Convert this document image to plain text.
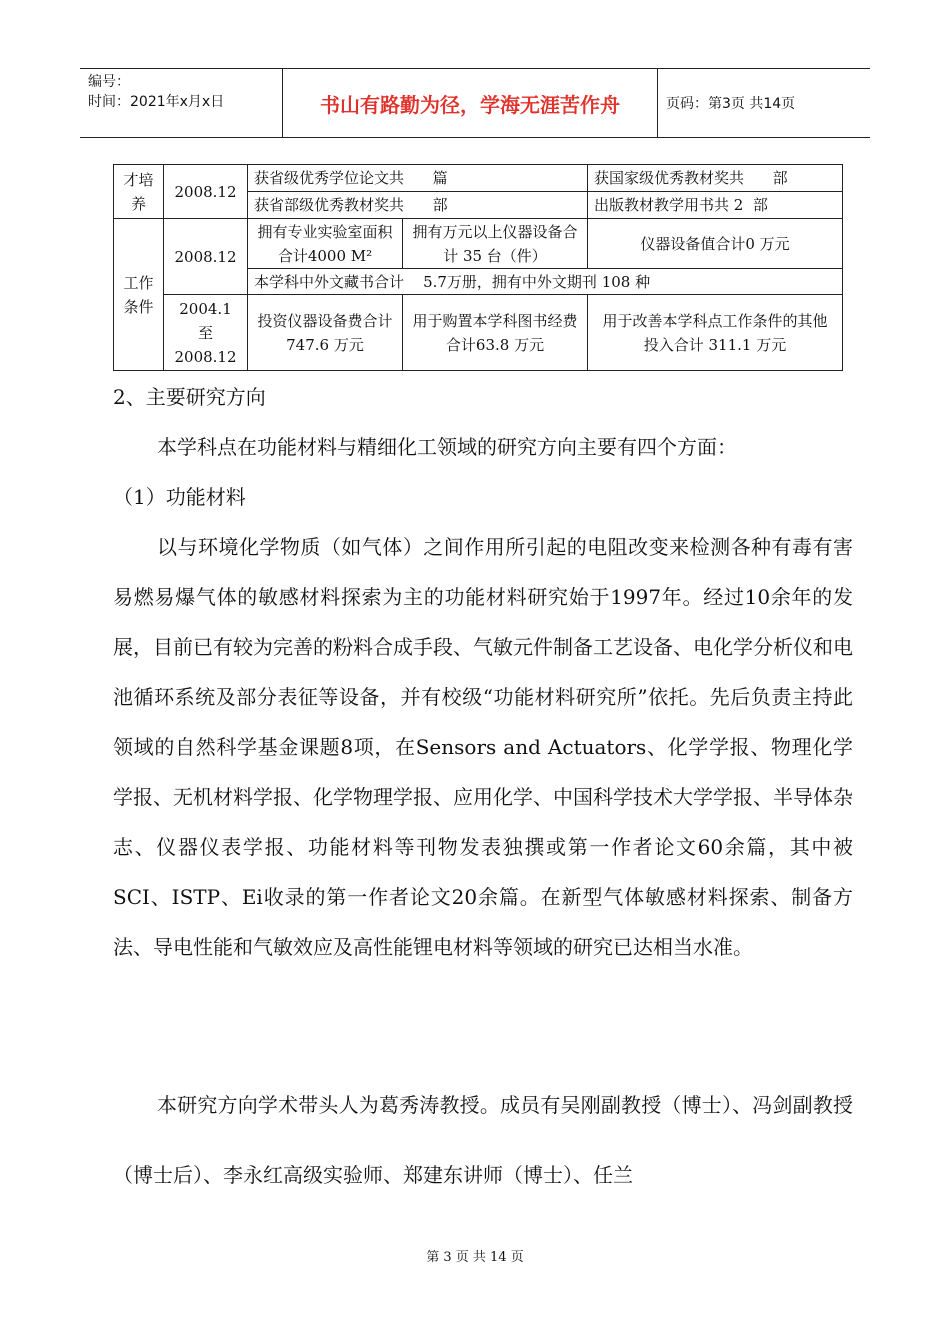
编号：
时间：2021年x月x日	书山有路勤为径，学海无涯苦作舟	页码：第3页 共14页
才培养	2008.12	获省级优秀学位论文共      篇		获国家级优秀教材奖共      部
		获省部级优秀教材奖共      部		出版教材教学用书共 2  部
工作条件	2008.12	拥有专业实验室面积合计4000 M²	拥有万元以上仪器设备合计 35 台（件）	仪器设备值合计0 万元
		本学科中外文藏书合计    5.7万册，拥有中外文期刊 108 种		
	2004.1
至
2008.12	投资仪器设备费合计747.6 万元	用于购置本学科图书经费合计63.8 万元	用于改善本学科点工作条件的其他投入合计 311.1 万元
2、主要研究方向
本学科点在功能材料与精细化工领域的研究方向主要有四个方面：
（1）功能材料
以与环境化学物质（如气体）之间作用所引起的电阻改变来检测各种有毒有害易燃易爆气体的敏感材料探索为主的功能材料研究始于1997年。经过10余年的发展，目前已有较为完善的粉料合成手段、气敏元件制备工艺设备、电化学分析仪和电池循环系统及部分表征等设备，并有校级“功能材料研究所”依托。先后负责主持此领域的自然科学基金课题8项，在Sensors and Actuators、化学学报、物理化学学报、无机材料学报、化学物理学报、应用化学、中国科学技术大学学报、半导体杂志、仪器仪表学报、功能材料等刊物发表独撰或第一作者论文60余篇，其中被SCI、ISTP、Ei收录的第一作者论文20余篇。在新型气体敏感材料探索、制备方法、导电性能和气敏效应及高性能锂电材料等领域的研究已达相当水准。
本研究方向学术带头人为葛秀涛教授。成员有吴刚副教授（博士）、冯剑副教授（博士后）、李永红高级实验师、郑建东讲师（博士）、任兰
第 3 页 共 14 页
